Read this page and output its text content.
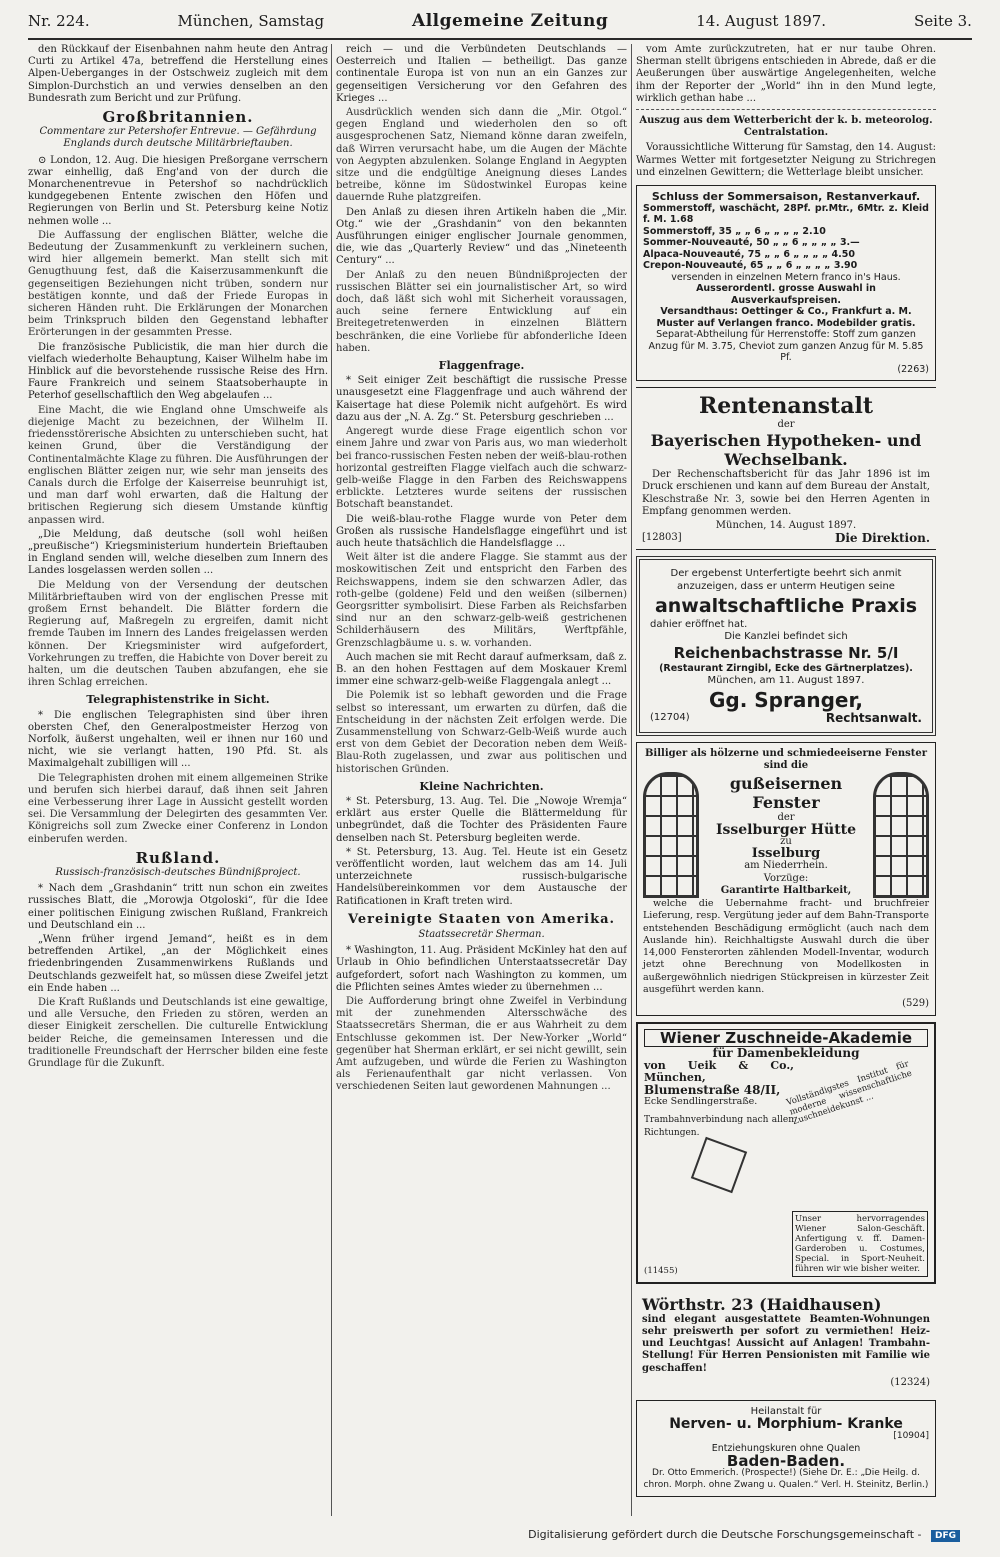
Nr. 224.	München, Samstag	Allgemeine Zeitung	14. August 1897.	Seite 3.

den Rückkauf der Eisenbahnen nahm heute den Antrag Curti zu Artikel 47a, betreffend die Herstellung eines Alpen-Ueberganges in der Ostschweiz zugleich mit dem Simplon-Durchstich an und verwies denselben an den Bundesrath zum Bericht und zur Prüfung.

Großbritannien.
Commentare zur Petershofer Entrevue. — Gefährdung Englands durch deutsche Militärbrieftauben.

⊙ London, 12. Aug. Die hiesigen Preßorgane verrschern zwar einhellig, daß Eng'and von der durch die Monarchenentrevue in Petershof so nachdrücklich kundgegebenen Entente zwischen den Höfen und Regierungen von Berlin und St. Petersburg keine Notiz nehmen wolle ...

Die Auffassung der englischen Blätter, welche die Bedeutung der Zusammenkunft zu verkleinern suchen, wird hier allgemein bemerkt. Man stellt sich mit Genugthuung fest, daß die Kaiserzusammenkunft die gegenseitigen Beziehungen nicht trüben, sondern nur bestätigen konnte, und daß der Friede Europas in sicheren Händen ruht. Die Erklärungen der Monarchen beim Trinkspruch bilden den Gegenstand lebhafter Erörterungen in der gesammten Presse.

Die französische Publicistik, die man hier durch die vielfach wiederholte Behauptung, Kaiser Wilhelm habe im Hinblick auf die bevorstehende russische Reise des Hrn. Faure Frankreich und seinem Staatsoberhaupte in Peterhof gesellschaftlich den Weg abgelaufen ...

Eine Macht, die wie England ohne Umschweife als diejenige Macht zu bezeichnen, der Wilhelm II. friedensstörerische Absichten zu unterschieben sucht, hat keinen Grund, über die Verständigung der Continentalmächte Klage zu führen. Die Ausführungen der englischen Blätter zeigen nur, wie sehr man jenseits des Canals durch die Erfolge der Kaiserreise beunruhigt ist, und man darf wohl erwarten, daß die Haltung der britischen Regierung sich diesem Umstande künftig anpassen wird.

„Die Meldung, daß deutsche (soll wohl heißen „preußische“) Kriegsministerium hundertein Brieftauben in England senden will, welche dieselben zum Innern des Landes losgelassen werden sollen ...

Die Meldung von der Versendung der deutschen Militärbrieftauben wird von der englischen Presse mit großem Ernst behandelt. Die Blätter fordern die Regierung auf, Maßregeln zu ergreifen, damit nicht fremde Tauben im Innern des Landes freigelassen werden können. Der Kriegsminister wird aufgefordert, Vorkehrungen zu treffen, die Habichte von Dover bereit zu halten, um die deutschen Tauben abzufangen, ehe sie ihren Schlag erreichen.

Telegraphistenstrike in Sicht.

* Die englischen Telegraphisten sind über ihren obersten Chef, den Generalpostmeister Herzog von Norfolk, äußerst ungehalten, weil er ihnen nur 160 und nicht, wie sie verlangt hatten, 190 Pfd. St. als Maximalgehalt zubilligen will ...

Die Telegraphisten drohen mit einem allgemeinen Strike und berufen sich hierbei darauf, daß ihnen seit Jahren eine Verbesserung ihrer Lage in Aussicht gestellt worden sei. Die Versammlung der Delegirten des gesammten Ver. Königreichs soll zum Zwecke einer Conferenz in London einberufen werden.

Rußland.
Russisch-französisch-deutsches Bündnißproject.

* Nach dem „Grashdanin“ tritt nun schon ein zweites russisches Blatt, die „Morowja Otgoloski“, für die Idee einer politischen Einigung zwischen Rußland, Frankreich und Deutschland ein ...

„Wenn früher irgend Jemand“, heißt es in dem betreffenden Artikel, „an der Möglichkeit eines friedenbringenden Zusammenwirkens Rußlands und Deutschlands gezweifelt hat, so müssen diese Zweifel jetzt ein Ende haben ...

Die Kraft Rußlands und Deutschlands ist eine gewaltige, und alle Versuche, den Frieden zu stören, werden an dieser Einigkeit zerschellen. Die culturelle Entwicklung beider Reiche, die gemeinsamen Interessen und die traditionelle Freundschaft der Herrscher bilden eine feste Grundlage für die Zukunft.

reich — und die Verbündeten Deutschlands — Oesterreich und Italien — betheiligt. Das ganze continentale Europa ist von nun an ein Ganzes zur gegenseitigen Versicherung vor den Gefahren des Krieges ...

Ausdrücklich wenden sich dann die „Mir. Otgol.“ gegen England und wiederholen den so oft ausgesprochenen Satz, Niemand könne daran zweifeln, daß Wirren verursacht habe, um die Augen der Mächte von Aegypten abzulenken. Solange England in Aegypten sitze und die endgültige Aneignung dieses Landes betreibe, könne im Südostwinkel Europas keine dauernde Ruhe platzgreifen.

Den Anlaß zu diesen ihren Artikeln haben die „Mir. Otg.“ wie der „Grashdanin“ von den bekannten Ausführungen einiger englischer Journale genommen, die, wie das „Quarterly Review“ und das „Nineteenth Century“ ...

Der Anlaß zu den neuen Bündnißprojecten der russischen Blätter sei ein journalistischer Art, so wird doch, daß läßt sich wohl mit Sicherheit voraussagen, auch seine fernere Entwicklung auf ein Breitegetretenwerden in einzelnen Blättern beschränken, die eine Vorliebe für abfonderliche Ideen haben.

Flaggenfrage.

* Seit einiger Zeit beschäftigt die russische Presse unausgesetzt eine Flaggenfrage und auch während der Kaisertage hat diese Polemik nicht aufgehört. Es wird dazu aus der „N. A. Zg.“ St. Petersburg geschrieben ...

Angeregt wurde diese Frage eigentlich schon vor einem Jahre und zwar von Paris aus, wo man wiederholt bei franco-russischen Festen neben der weiß-blau-rothen horizontal gestreiften Flagge vielfach auch die schwarz-gelb-weiße Flagge in den Farben des Reichswappens erblickte. Letzteres wurde seitens der russischen Botschaft beanstandet.

Die weiß-blau-rothe Flagge wurde von Peter dem Großen als russische Handelsflagge eingeführt und ist auch heute thatsächlich die Handelsflagge ...

Weit älter ist die andere Flagge. Sie stammt aus der moskowitischen Zeit und entspricht den Farben des Reichswappens, indem sie den schwarzen Adler, das roth-gelbe (goldene) Feld und den weißen (silbernen) Georgsritter symbolisirt. Diese Farben als Reichsfarben sind nur an den schwarz-gelb-weiß gestrichenen Schilderhäusern des Militärs, Werftpfähle, Grenzschlagbäume u. s. w. vorhanden.

Auch machen sie mit Recht darauf aufmerksam, daß z. B. an den hohen Festtagen auf dem Moskauer Kreml immer eine schwarz-gelb-weiße Flaggengala anlegt ...

Die Polemik ist so lebhaft geworden und die Frage selbst so interessant, um erwarten zu dürfen, daß die Entscheidung in der nächsten Zeit erfolgen werde. Die Zusammenstellung von Schwarz-Gelb-Weiß wurde auch erst von dem Gebiet der Decoration neben dem Weiß-Blau-Roth zugelassen, und zwar aus politischen und historischen Gründen.

Kleine Nachrichten.

* St. Petersburg, 13. Aug. Tel. Die „Nowoje Wremja“ erklärt aus erster Quelle die Blättermeldung für unbegründet, daß die Tochter des Präsidenten Faure denselben nach St. Petersburg begleiten werde.

* St. Petersburg, 13. Aug. Tel. Heute ist ein Gesetz veröffentlicht worden, laut welchem das am 14. Juli unterzeichnete russisch-bulgarische Handelsübereinkommen vor dem Austausche der Ratificationen in Kraft treten wird.

Vereinigte Staaten von Amerika.
Staatssecretär Sherman.

* Washington, 11. Aug. Präsident McKinley hat den auf Urlaub in Ohio befindlichen Unterstaatssecretär Day aufgefordert, sofort nach Washington zu kommen, um die Pflichten seines Amtes wieder zu übernehmen ...

Die Aufforderung bringt ohne Zweifel in Verbindung mit der zunehmenden Altersschwäche des Staatssecretärs Sherman, die er aus Wahrheit zu dem Entschlusse gekommen ist. Der New-Yorker „World“ gegenüber hat Sherman erklärt, er sei nicht gewillt, sein Amt aufzugeben, und würde die Ferien zu Washington als Ferienaufenthalt gar nicht verlassen. Von verschiedenen Seiten laut gewordenen Mahnungen ...

vom Amte zurückzutreten, hat er nur taube Ohren. Sherman stellt übrigens entschieden in Abrede, daß er die Aeußerungen über auswärtige Angelegenheiten, welche ihm der Reporter der „World“ ihn in den Mund legte, wirklich gethan habe ...

Auszug aus dem Wetterbericht der k. b. meteorolog. Centralstation.

Voraussichtliche Witterung für Samstag, den 14. August: Warmes Wetter mit fortgesetzter Neigung zu Strichregen und einzelnen Gewittern; die Wetterlage bleibt unsicher.

Schluss der Sommersaison, Restanverkauf.
Sommerstoff, waschächt, 28Pf. pr.Mtr., 6Mtr. z. Kleid f. M. 1.68
Sommerstoff, 35 „ „ 6 „ „ „ „ 2.10
Sommer-Nouveauté, 50 „ „ 6 „ „ „ „ 3.—
Alpaca-Nouveauté, 75 „ „ 6 „ „ „ „ 4.50
Crepon-Nouveauté, 65 „ „ 6 „ „ „ „ 3.90
versenden in einzelnen Metern franco in's Haus.
Ausserordentl. grosse Auswahl in Ausverkaufspreisen.
Versandthaus: Oettinger & Co., Frankfurt a. M.
Muster auf Verlangen franco. Modebilder gratis.
Separat-Abtheilung für Herrenstoffe: Stoff zum ganzen Anzug für M. 3.75, Cheviot zum ganzen Anzug für M. 5.85 Pf.
(2263)
Rentenanstalt
der
Bayerischen Hypotheken- und Wechselbank.

Der Rechenschaftsbericht für das Jahr 1896 ist im Druck erschienen und kann auf dem Bureau der Anstalt, Kleschstraße Nr. 3, sowie bei den Herren Agenten in Empfang genommen werden.

München, 14. August 1897.
[12803]	Die Direktion.
Der ergebenst Unterfertigte beehrt sich anmit anzuzeigen, dass er unterm Heutigen seine
anwaltschaftliche Praxis
dahier eröffnet hat.
Die Kanzlei befindet sich
Reichenbachstrasse Nr. 5/I
(Restaurant Zirngibl, Ecke des Gärtnerplatzes).
München, am 11. August 1897.
Gg. Spranger,
(12704)	Rechtsanwalt.
Billiger als hölzerne und schmiedeeiserne Fenster sind die
gußeisernen Fenster
der
Isselburger Hütte
zu
Isselburg
am Niederrhein.
Vorzüge:
Garantirte Haltbarkeit,

welche die Uebernahme fracht- und bruchfreier Lieferung, resp. Vergütung jeder auf dem Bahn-Transporte entstehenden Beschädigung ermöglicht (auch nach dem Auslande hin). Reichhaltigste Auswahl durch die über 14,000 Fensterorten zählenden Modell-Inventar, wodurch jetzt ohne Berechnung von Modellkosten in außergewöhnlich niedrigen Stückpreisen in kürzester Zeit ausgeführt werden kann.

(529)
Wiener Zuschneide-Akademie
für Damenbekleidung
von Ueik & Co., München,
Blumenstraße 48/II,
Ecke Sendlingerstraße.
Trambahnverbindung nach allen Richtungen.
Vollständigstes Institut für moderne wissenschaftliche Zuschneidekunst ...
(11455)
Unser hervorragendes Wiener Salon-Geschäft. Anfertigung v. ff. Damen-Garderoben u. Costumes, Special. in Sport-Neuheit. führen wir wie bisher weiter.
Wörthstr. 23 (Haidhausen)

sind elegant ausgestattete Beamten-Wohnungen sehr preiswerth per sofort zu vermiethen! Heiz- und Leuchtgas! Aussicht auf Anlagen! Trambahn-Stellung! Für Herren Pensionisten mit Familie wie geschaffen!

(12324)
Heilanstalt für
Nerven- u. Morphium- Kranke
[10904]
Entziehungskuren ohne Qualen
Baden-Baden.
Dr. Otto Emmerich. (Prospecte!) (Siehe Dr. E.: „Die Heilg. d. chron. Morph. ohne Zwang u. Qualen.“ Verl. H. Steinitz, Berlin.)
Digitalisierung gefördert durch die Deutsche Forschungsgemeinschaft - DFG
